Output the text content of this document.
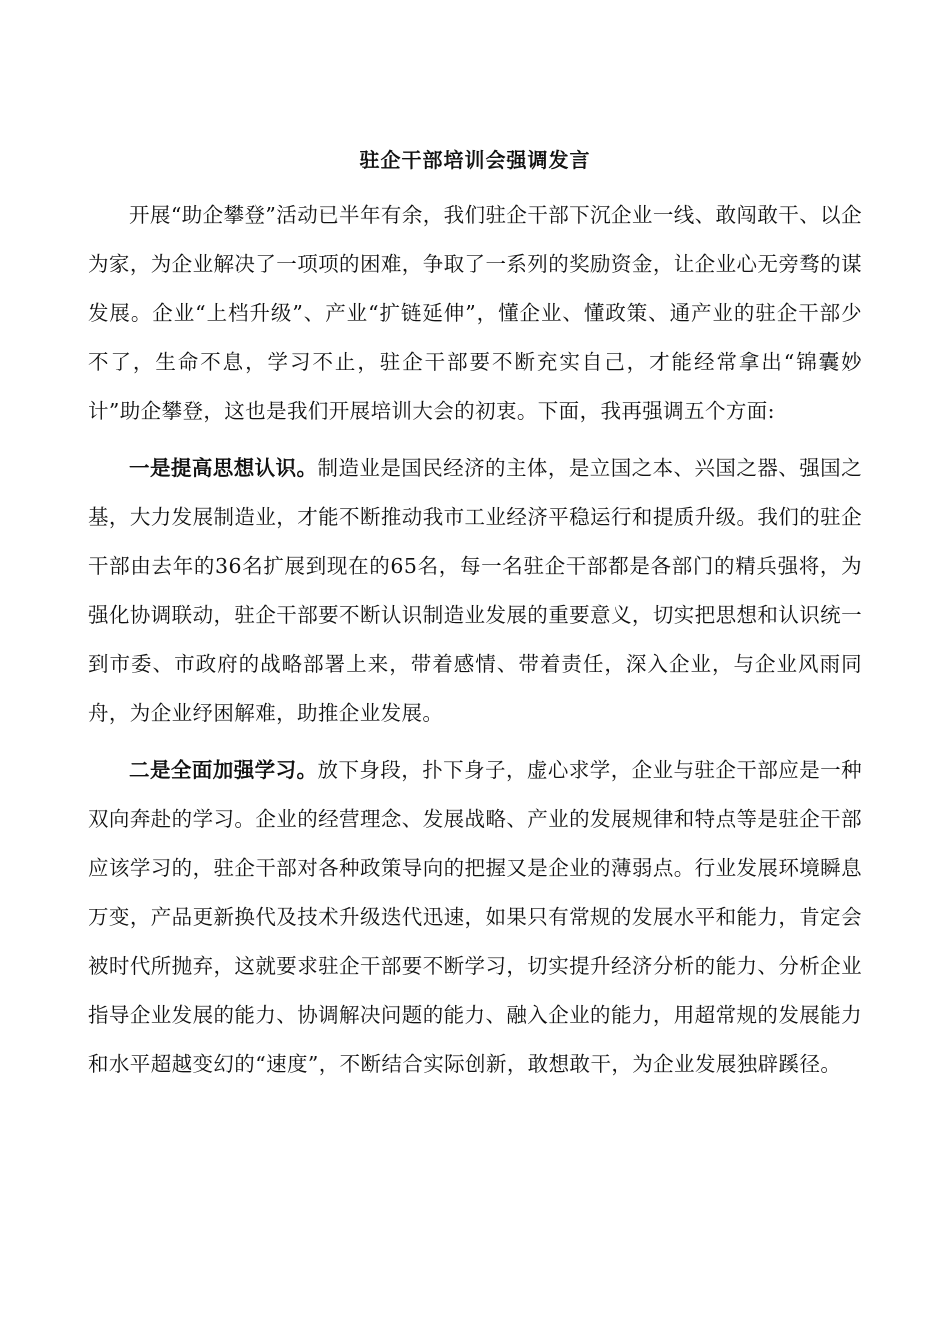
驻企干部培训会强调发言

开展“助企攀登”活动已半年有余，我们驻企干部下沉企业一线、敢闯敢干、以企为家，为企业解决了一项项的困难，争取了一系列的奖励资金，让企业心无旁骛的谋发展。企业“上档升级”、产业“扩链延伸”，懂企业、懂政策、通产业的驻企干部少不了，生命不息，学习不止，驻企干部要不断充实自己，才能经常拿出“锦囊妙计”助企攀登，这也是我们开展培训大会的初衷。下面，我再强调五个方面:

一是提高思想认识。制造业是国民经济的主体，是立国之本、兴国之器、强国之基，大力发展制造业，才能不断推动我市工业经济平稳运行和提质升级。我们的驻企干部由去年的36名扩展到现在的65名，每一名驻企干部都是各部门的精兵强将，为强化协调联动，驻企干部要不断认识制造业发展的重要意义，切实把思想和认识统一到市委、市政府的战略部署上来，带着感情、带着责任，深入企业，与企业风雨同舟，为企业纾困解难，助推企业发展。

二是全面加强学习。放下身段，扑下身子，虚心求学，企业与驻企干部应是一种双向奔赴的学习。企业的经营理念、发展战略、产业的发展规律和特点等是驻企干部应该学习的，驻企干部对各种政策导向的把握又是企业的薄弱点。行业发展环境瞬息万变，产品更新换代及技术升级迭代迅速，如果只有常规的发展水平和能力，肯定会被时代所抛弃，这就要求驻企干部要不断学习，切实提升经济分析的能力、分析企业指导企业发展的能力、协调解决问题的能力、融入企业的能力，用超常规的发展能力和水平超越变幻的“速度”，不断结合实际创新，敢想敢干，为企业发展独辟蹊径。
